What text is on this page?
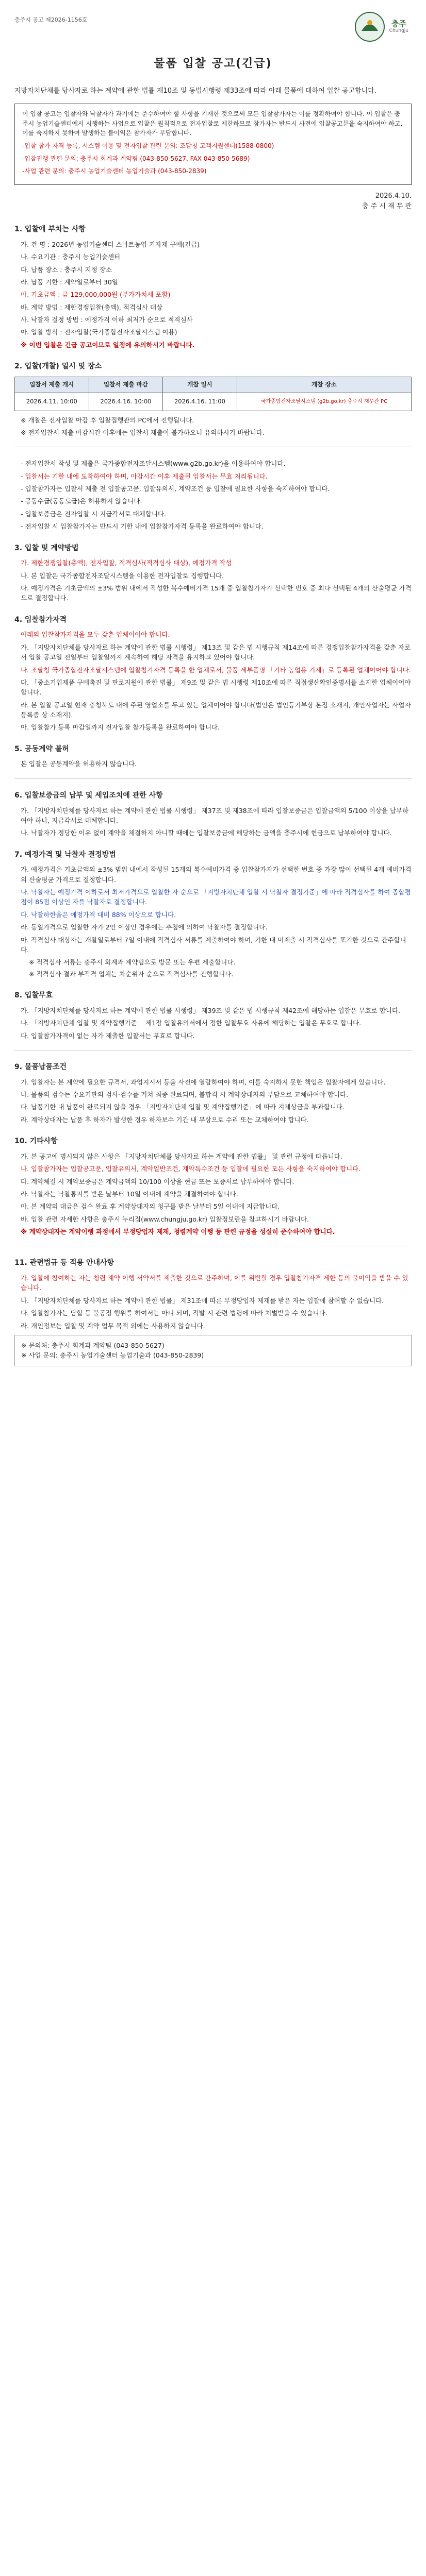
충주시 공고 제2026-1156호	충주
Chungju
물품 입찰 공고(긴급)

지방자치단체를 당사자로 하는 계약에 관한 법률 제10조 및 동법시행령 제33조에 따라 아래 물품에 대하여 입찰 공고합니다.

이 입찰 공고는 입찰자와 낙찰자가 과거에는 준수하여야 할 사항을 기재한 것으로써 모든 입찰참가자는 이를 정확하여야 합니다. 이 입찰은 충주시 농업기술센터에서 시행하는 사업으로 입찰은 원칙적으로 전자입찰로 제한하므로 참가자는 반드시 사전에 입찰공고문을 숙지하여야 하고, 이를 숙지하지 못하여 발생하는 불이익은 참가자가 부담합니다.

-입찰 참가 자격 등록, 시스템 이용 및 전자입찰 관련 문의: 조달청 고객지원센터(1588-0800)

-입찰진행 관련 문의: 충주시 회계과 계약팀 (043-850-5627, FAX 043-850-5689)

-사업 관련 문의: 충주시 농업기술센터 농업기술과 (043-850-2839)

2026.4.10.
충 주 시 재 무 관
1. 입찰에 부치는 사항
가. 건 명 : 2026년 농업기술센터 스마트농업 기자재 구매(긴급)
나. 수요기관 : 충주시 농업기술센터
다. 납품 장소 : 충주시 지정 장소
라. 납품 기한 : 계약일로부터 30일
마. 기초금액 : 금 129,000,000원 (부가가치세 포함)
바. 계약 방법 : 제한경쟁입찰(총액), 적격심사 대상
사. 낙찰자 결정 방법 : 예정가격 이하 최저가 순으로 적격심사
아. 입찰 방식 : 전자입찰(국가종합전자조달시스템 이용)
※ 이번 입찰은 긴급 공고이므로 일정에 유의하시기 바랍니다.
2. 입찰(개찰) 일시 및 장소
입찰서 제출 개시	입찰서 제출 마감	개찰 일시	개찰 장소
2026.4.11. 10:00	2026.4.16. 10:00	2026.4.16. 11:00	국가종합전자조달시스템 (g2b.go.kr) 충주시 재무관 PC
※ 개찰은 전자입찰 마감 후 입찰집행관의 PC에서 진행됩니다.
※ 전자입찰서 제출 마감시간 이후에는 입찰서 제출이 불가하오니 유의하시기 바랍니다.
- 전자입찰서 작성 및 제출은 국가종합전자조달시스템(www.g2b.go.kr)을 이용하여야 합니다.
- 입찰서는 기한 내에 도착하여야 하며, 마감시간 이후 제출된 입찰서는 무효 처리됩니다.
- 입찰참가자는 입찰서 제출 전 입찰공고문, 입찰유의서, 계약조건 등 입찰에 필요한 사항을 숙지하여야 합니다.
- 공동수급(공동도급)은 허용하지 않습니다.
- 입찰보증금은 전자입찰 시 지급각서로 대체합니다.
- 전자입찰 시 입찰참가자는 반드시 기한 내에 입찰참가자격 등록을 완료하여야 합니다.
3. 입찰 및 계약방법
가. 제한경쟁입찰(총액), 전자입찰, 적격심사(적격심사 대상), 예정가격 작성
나. 본 입찰은 국가종합전자조달시스템을 이용한 전자입찰로 집행합니다.
다. 예정가격은 기초금액의 ±3% 범위 내에서 작성한 복수예비가격 15개 중 입찰참가자가 선택한 번호 중 최다 선택된 4개의 산술평균 가격으로 결정합니다.
4. 입찰참가자격
아래의 입찰참가자격을 모두 갖춘 업체이어야 합니다.
가. 「지방자치단체를 당사자로 하는 계약에 관한 법률 시행령」 제13조 및 같은 법 시행규칙 제14조에 따른 경쟁입찰참가자격을 갖춘 자로서 입찰 공고일 전일부터 입찰일까지 계속하여 해당 자격을 유지하고 있어야 합니다.
나. 조달청 국가종합전자조달시스템에 입찰참가자격 등록을 한 업체로서, 물품 세부품명 「기타 농업용 기계」로 등록된 업체이어야 합니다.
다. 「중소기업제품 구매촉진 및 판로지원에 관한 법률」 제9조 및 같은 법 시행령 제10조에 따른 직접생산확인증명서를 소지한 업체이어야 합니다.
라. 본 입찰 공고일 현재 충청북도 내에 주된 영업소를 두고 있는 업체이어야 합니다(법인은 법인등기부상 본점 소재지, 개인사업자는 사업자등록증 상 소재지).
마. 입찰참가 등록 마감일까지 전자입찰 참가등록을 완료하여야 합니다.
5. 공동계약 불허
본 입찰은 공동계약을 허용하지 않습니다.
6. 입찰보증금의 납부 및 세입조치에 관한 사항
가. 「지방자치단체를 당사자로 하는 계약에 관한 법률 시행령」 제37조 및 제38조에 따라 입찰보증금은 입찰금액의 5/100 이상을 납부하여야 하나, 지급각서로 대체합니다.
나. 낙찰자가 정당한 이유 없이 계약을 체결하지 아니할 때에는 입찰보증금에 해당하는 금액을 충주시에 현금으로 납부하여야 합니다.
7. 예정가격 및 낙찰자 결정방법
가. 예정가격은 기초금액의 ±3% 범위 내에서 작성된 15개의 복수예비가격 중 입찰참가자가 선택한 번호 중 가장 많이 선택된 4개 예비가격의 산술평균 가격으로 결정합니다.
나. 낙찰자는 예정가격 이하로서 최저가격으로 입찰한 자 순으로 「지방자치단체 입찰 시 낙찰자 결정기준」에 따라 적격심사를 하여 종합평점이 85점 이상인 자를 낙찰자로 결정합니다.
다. 낙찰하한율은 예정가격 대비 88% 이상으로 합니다.
라. 동일가격으로 입찰한 자가 2인 이상인 경우에는 추첨에 의하여 낙찰자를 결정합니다.
마. 적격심사 대상자는 개찰일로부터 7일 이내에 적격심사 서류를 제출하여야 하며, 기한 내 미제출 시 적격심사를 포기한 것으로 간주합니다.
※ 적격심사 서류는 충주시 회계과 계약팀으로 방문 또는 우편 제출합니다.
※ 적격심사 결과 부적격 업체는 차순위자 순으로 적격심사를 진행합니다.
8. 입찰무효
가. 「지방자치단체를 당사자로 하는 계약에 관한 법률 시행령」 제39조 및 같은 법 시행규칙 제42조에 해당하는 입찰은 무효로 합니다.
나. 「지방자치단체 입찰 및 계약집행기준」 제1장 입찰유의서에서 정한 입찰무효 사유에 해당하는 입찰은 무효로 합니다.
다. 입찰참가자격이 없는 자가 제출한 입찰서는 무효로 합니다.
9. 물품납품조건
가. 입찰자는 본 계약에 필요한 규격서, 과업지시서 등을 사전에 열람하여야 하며, 이를 숙지하지 못한 책임은 입찰자에게 있습니다.
나. 물품의 검수는 수요기관의 검사·검수를 거쳐 최종 완료되며, 불합격 시 계약상대자의 부담으로 교체하여야 합니다.
다. 납품기한 내 납품이 완료되지 않을 경우 「지방자치단체 입찰 및 계약집행기준」에 따라 지체상금을 부과합니다.
라. 계약상대자는 납품 후 하자가 발생한 경우 하자보수 기간 내 무상으로 수리 또는 교체하여야 합니다.
10. 기타사항
가. 본 공고에 명시되지 않은 사항은 「지방자치단체를 당사자로 하는 계약에 관한 법률」 및 관련 규정에 따릅니다.
나. 입찰참가자는 입찰공고문, 입찰유의서, 계약일반조건, 계약특수조건 등 입찰에 필요한 모든 사항을 숙지하여야 합니다.
다. 계약체결 시 계약보증금은 계약금액의 10/100 이상을 현금 또는 보증서로 납부하여야 합니다.
라. 낙찰자는 낙찰통지를 받은 날부터 10일 이내에 계약을 체결하여야 합니다.
마. 본 계약의 대금은 검수 완료 후 계약상대자의 청구를 받은 날부터 5일 이내에 지급합니다.
바. 입찰 관련 자세한 사항은 충주시 누리집(www.chungju.go.kr) 입찰정보란을 참고하시기 바랍니다.
※ 계약상대자는 계약이행 과정에서 부정당업자 제재, 청렴계약 이행 등 관련 규정을 성실히 준수하여야 합니다.
11. 관련법규 등 적용 안내사항
가. 입찰에 참여하는 자는 청렴 계약 이행 서약서를 제출한 것으로 간주하며, 이를 위반할 경우 입찰참가자격 제한 등의 불이익을 받을 수 있습니다.
나. 「지방자치단체를 당사자로 하는 계약에 관한 법률」 제31조에 따른 부정당업자 제재를 받은 자는 입찰에 참여할 수 없습니다.
다. 입찰참가자는 담합 등 불공정 행위를 하여서는 아니 되며, 적발 시 관련 법령에 따라 처벌받을 수 있습니다.
라. 개인정보는 입찰 및 계약 업무 목적 외에는 사용하지 않습니다.
※ 문의처: 충주시 회계과 계약팀 (043-850-5627)
※ 사업 문의: 충주시 농업기술센터 농업기술과 (043-850-2839)
